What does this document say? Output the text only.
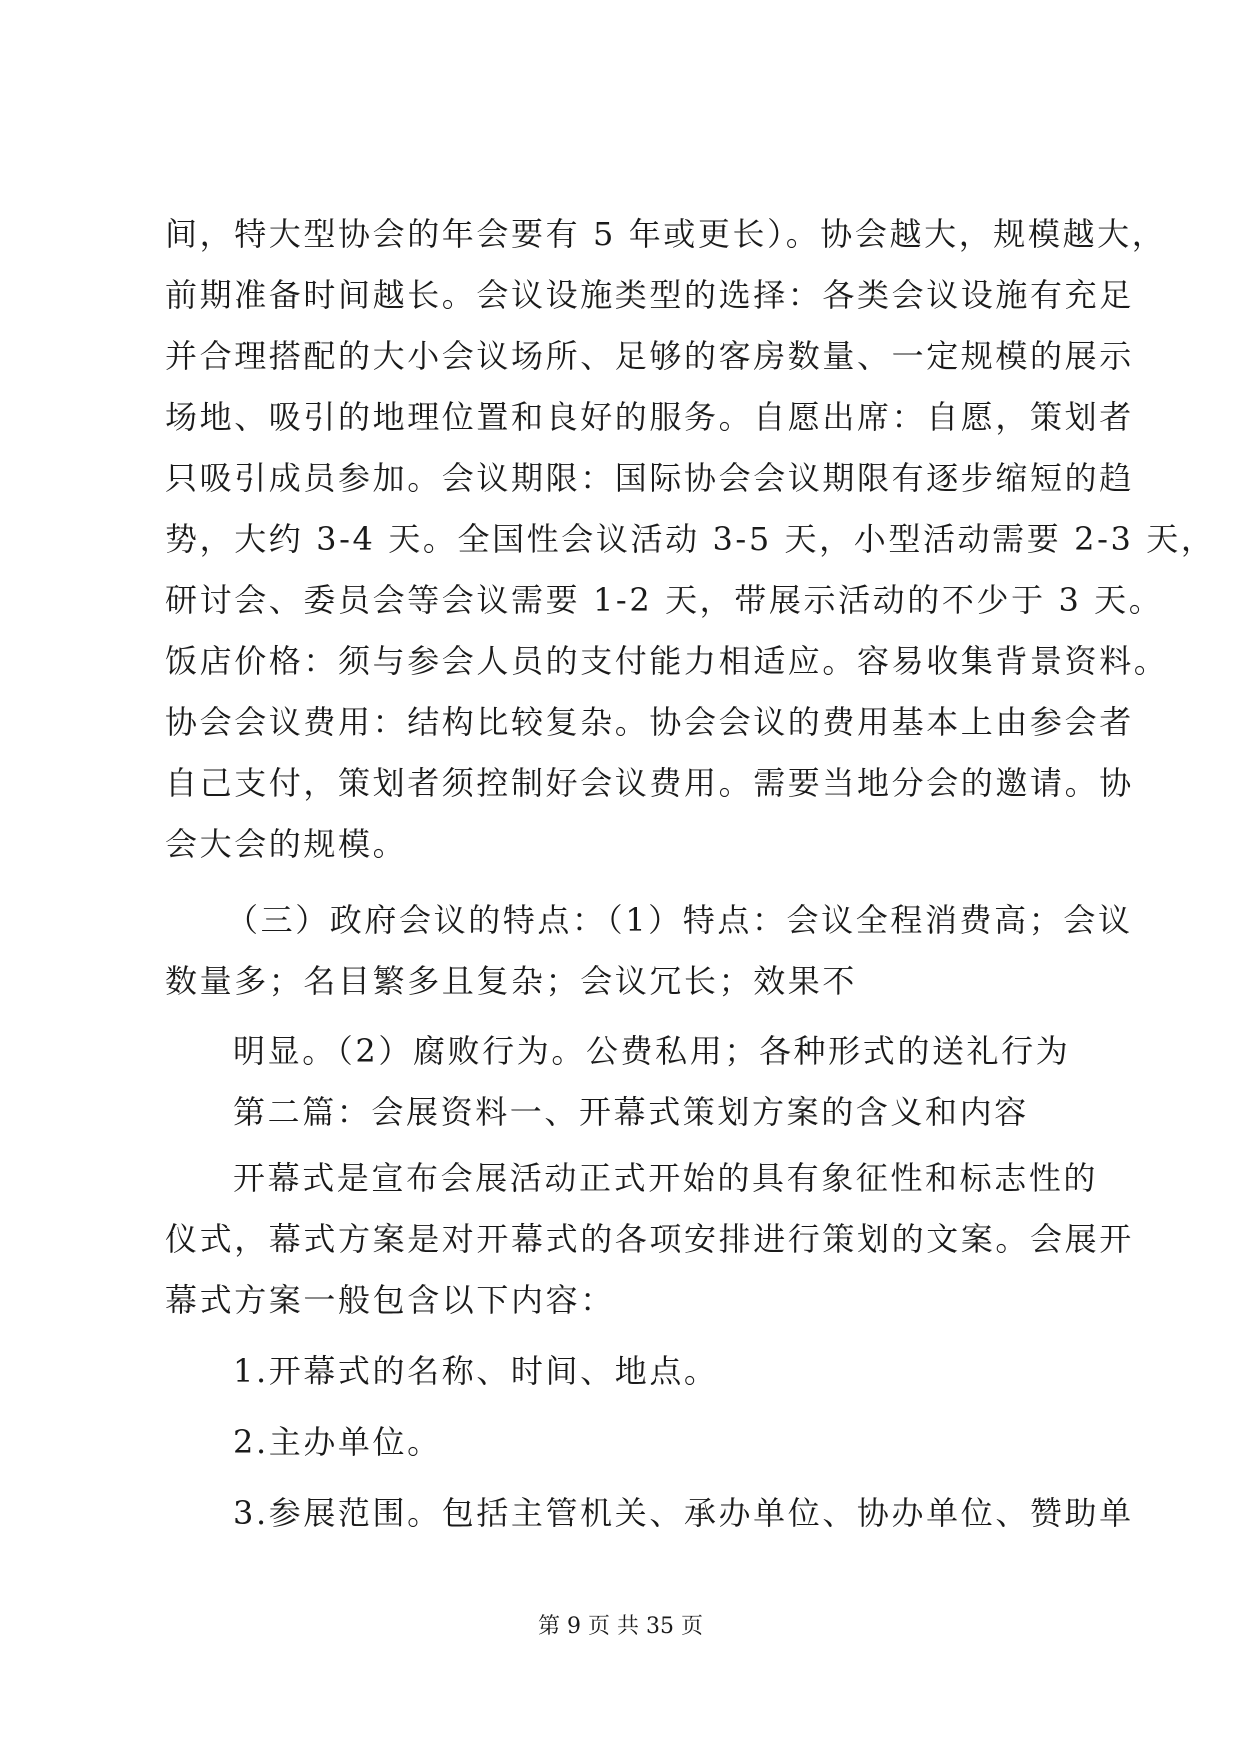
间，特大型协会的年会要有 5 年或更长）。协会越大，规模越大，
前期准备时间越长。会议设施类型的选择：各类会议设施有充足
并合理搭配的大小会议场所、足够的客房数量、一定规模的展示
场地、吸引的地理位置和良好的服务。自愿出席：自愿，策划者
只吸引成员参加。会议期限：国际协会会议期限有逐步缩短的趋
势，大约 3-4 天。全国性会议活动 3-5 天，小型活动需要 2-3 天，
研讨会、委员会等会议需要 1-2 天，带展示活动的不少于 3 天。
饭店价格：须与参会人员的支付能力相适应。容易收集背景资料。
协会会议费用：结构比较复杂。协会会议的费用基本上由参会者
自己支付，策划者须控制好会议费用。需要当地分会的邀请。协
会大会的规模。
（三）政府会议的特点：（1）特点：会议全程消费高；会议
数量多；名目繁多且复杂；会议冗长；效果不
明显。（2）腐败行为。公费私用；各种形式的送礼行为
第二篇：会展资料一、开幕式策划方案的含义和内容
开幕式是宣布会展活动正式开始的具有象征性和标志性的
仪式，幕式方案是对开幕式的各项安排进行策划的文案。会展开
幕式方案一般包含以下内容：
1.开幕式的名称、时间、地点。
2.主办单位。
3.参展范围。包括主管机关、承办单位、协办单位、赞助单
第 9 页 共 35 页
